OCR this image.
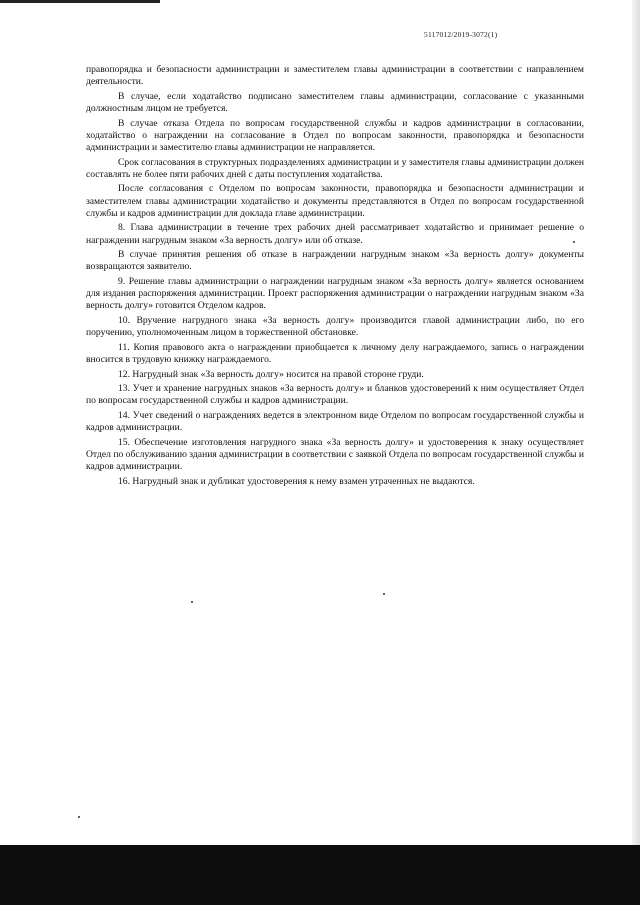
5117012/2019-3072(1)

правопорядка и безопасности администрации и заместителем главы администрации в соответствии с направлением деятельности.

В случае, если ходатайство подписано заместителем главы администрации, согласование с указанными должностным лицом не требуется.

В случае отказа Отдела по вопросам государственной службы и кадров администрации в согласовании, ходатайство о награждении на согласование в Отдел по вопросам законности, правопорядка и безопасности администрации и заместителю главы администрации не направляется.

Срок согласования в структурных подразделениях администрации и у заместителя главы администрации должен составлять не более пяти рабочих дней с даты поступления ходатайства.

После согласования с Отделом по вопросам законности, правопорядка и безопасности администрации и заместителем главы администрации ходатайство и документы представляются в Отдел по вопросам государственной службы и кадров администрации для доклада главе администрации.

8. Глава администрации в течение трех рабочих дней рассматривает ходатайство и принимает решение о награждении нагрудным знаком «За верность долгу» или об отказе.

В случае принятия решения об отказе в награждении нагрудным знаком «За верность долгу» документы возвращаются заявителю.

9. Решение главы администрации о награждении нагрудным знаком «За верность долгу» является основанием для издания распоряжения администрации. Проект распоряжения администрации о награждении нагрудным знаком «За верность долгу» готовится Отделом кадров.

10. Вручение нагрудного знака «За верность долгу» производится главой администрации либо, по его поручению, уполномоченным лицом в торжественной обстановке.

11. Копия правового акта о награждении приобщается к личному делу награждаемого, запись о награждении вносится в трудовую книжку награждаемого.

12. Нагрудный знак «За верность долгу» носится на правой стороне груди.

13. Учет и хранение нагрудных знаков «За верность долгу» и бланков удостоверений к ним осуществляет Отдел по вопросам государственной службы и кадров администрации.

14. Учет сведений о награждениях ведется в электронном виде Отделом по вопросам государственной службы и кадров администрации.

15. Обеспечение изготовления нагрудного знака «За верность долгу» и удостоверения к знаку осуществляет Отдел по обслуживанию здания администрации в соответствии с заявкой Отдела по вопросам государственной службы и кадров администрации.

16. Нагрудный знак и дубликат удостоверения к нему взамен утраченных не выдаются.
